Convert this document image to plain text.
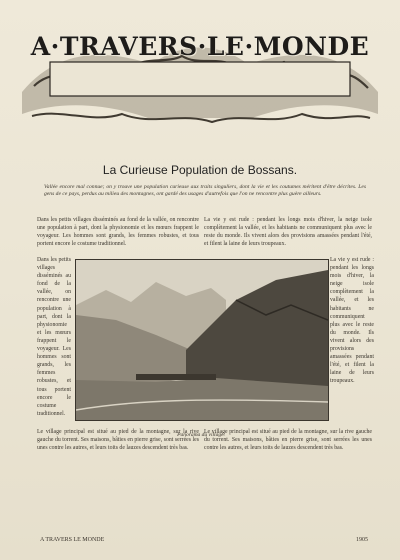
A·TRAVERS·LE·MONDE
La Curieuse Population de Bossans.
Vallée encore mal connue; on y trouve une population curieuse aux traits singuliers, dont la vie et les coutumes méritent d'être décrites. Les gens de ce pays, perdus au milieu des montagnes, ont gardé des usages d'autrefois que l'on ne rencontre plus guère ailleurs.
Dans les petits villages disséminés au fond de la vallée, on rencontre une population à part, dont la physionomie et les mœurs frappent le voyageur. Les hommes sont grands, les femmes robustes, et tous portent encore le costume traditionnel.
Dans les petits villages disséminés au fond de la vallée, on rencontre une population à part, dont la physionomie et les mœurs frappent le voyageur. Les hommes sont grands, les femmes robustes, et tous portent encore le costume traditionnel.
Le village principal est situé au pied de la montagne, sur la rive gauche du torrent. Ses maisons, bâties en pierre grise, sont serrées les unes contre les autres, et leurs toits de lauzes descendent très bas.
La vie y est rude : pendant les longs mois d'hiver, la neige isole complètement la vallée, et les habitants ne communiquent plus avec le reste du monde. Ils vivent alors des provisions amassées pendant l'été, et filent la laine de leurs troupeaux.
La vie y est rude : pendant les longs mois d'hiver, la neige isole complètement la vallée, et les habitants ne communiquent plus avec le reste du monde. Ils vivent alors des provisions amassées pendant l'été, et filent la laine de leurs troupeaux.
Le village principal est situé au pied de la montagne, sur la rive gauche du torrent. Ses maisons, bâties en pierre grise, sont serrées les unes contre les autres, et leurs toits de lauzes descendent très bas.
Panorama du village.
A TRAVERS LE MONDE	1905
